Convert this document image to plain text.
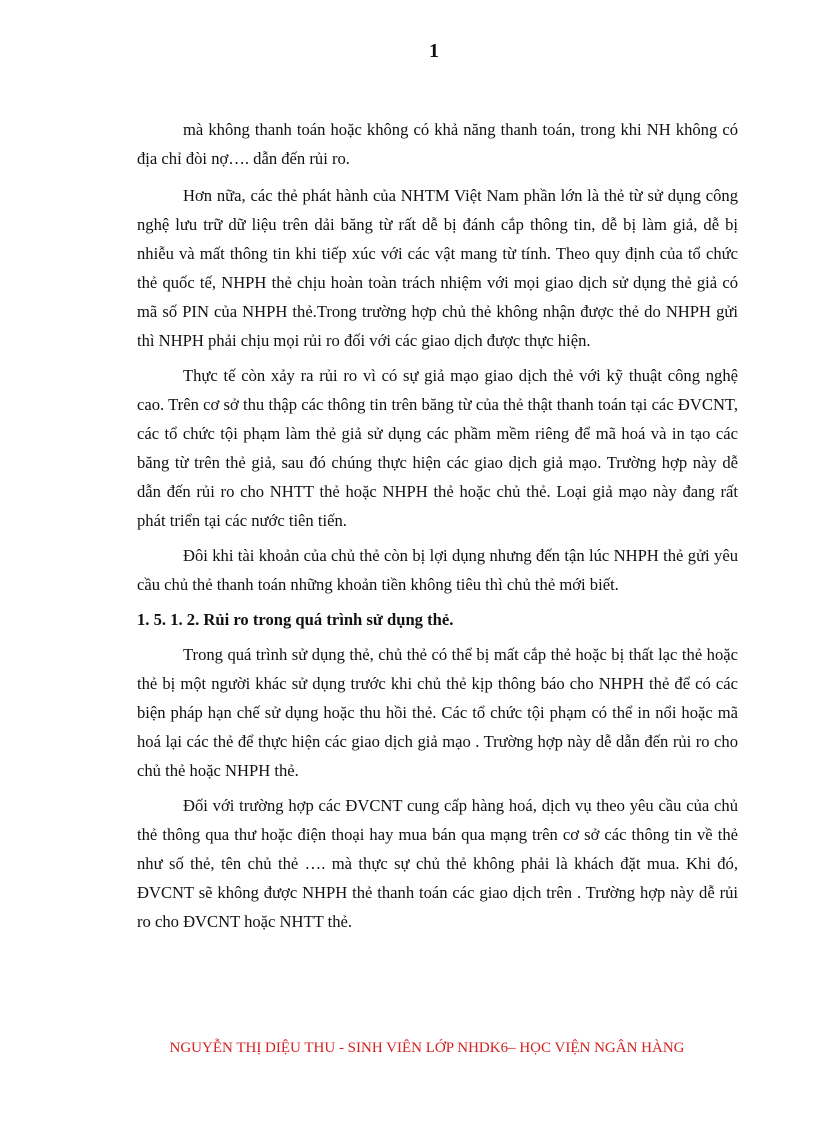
1

mà không thanh toán hoặc không có khả năng thanh toán, trong khi NH không có địa chỉ đòi nợ…. dẫn đến rủi ro.

Hơn nữa, các thẻ phát hành của NHTM Việt Nam phần lớn là thẻ từ sử dụng công nghệ lưu trữ dữ liệu trên dải băng từ rất dễ bị đánh cắp thông tin, dễ bị làm giả, dễ bị nhiễu và mất thông tin khi tiếp xúc với các vật mang từ tính. Theo quy định của tổ chức thẻ quốc tế, NHPH thẻ chịu hoàn toàn trách nhiệm với mọi giao dịch sử dụng thẻ giả có mã số PIN của NHPH thẻ.Trong trường hợp chủ thẻ không nhận được thẻ do NHPH gửi thì NHPH phải chịu mọi rủi ro đối với các giao dịch được thực hiện.

Thực tế còn xảy ra rủi ro vì có sự giả mạo giao dịch thẻ với kỹ thuật công nghệ cao. Trên cơ sở thu thập các thông tin trên băng từ của thẻ thật thanh toán tại các ĐVCNT, các tổ chức tội phạm làm thẻ giả sử dụng các phầm mềm riêng để mã hoá và in tạo các băng từ trên thẻ giả, sau đó chúng thực hiện các giao dịch giả mạo. Trường hợp này dễ dẫn đến rủi ro cho NHTT thẻ hoặc NHPH thẻ hoặc chủ thẻ. Loại giả mạo này đang rất phát triển tại các nước tiên tiến.

Đôi khi tài khoản của chủ thẻ còn bị lợi dụng nhưng đến tận lúc NHPH thẻ gửi yêu cầu chủ thẻ thanh toán những khoản tiền không tiêu thì chủ thẻ mới biết.

1. 5. 1. 2. Rủi ro trong quá trình sử dụng thẻ.

Trong quá trình sử dụng thẻ, chủ thẻ có thể bị mất cắp thẻ hoặc bị thất lạc thẻ hoặc thẻ bị một người khác sử dụng trước khi chủ thẻ kịp thông báo cho NHPH thẻ để có các biện pháp hạn chế sử dụng hoặc thu hồi thẻ. Các tổ chức tội phạm có thể in nổi hoặc mã hoá lại các thẻ để thực hiện các giao dịch giả mạo . Trường hợp này dễ dẫn đến rủi ro cho chủ thẻ hoặc NHPH thẻ.

Đối với trường hợp các ĐVCNT cung cấp hàng hoá, dịch vụ theo yêu cầu của chủ thẻ thông qua thư hoặc điện thoại hay mua bán qua mạng trên cơ sở các thông tin về thẻ như số thẻ, tên chủ thẻ …. mà thực sự chủ thẻ không phải là khách đặt mua. Khi đó, ĐVCNT sẽ không được NHPH thẻ thanh toán các giao dịch trên . Trường hợp này dễ rủi ro cho ĐVCNT hoặc NHTT thẻ.

NGUYỄN THỊ DIỆU THU - SINH VIÊN LỚP NHDK6– HỌC VIỆN NGÂN HÀNG
